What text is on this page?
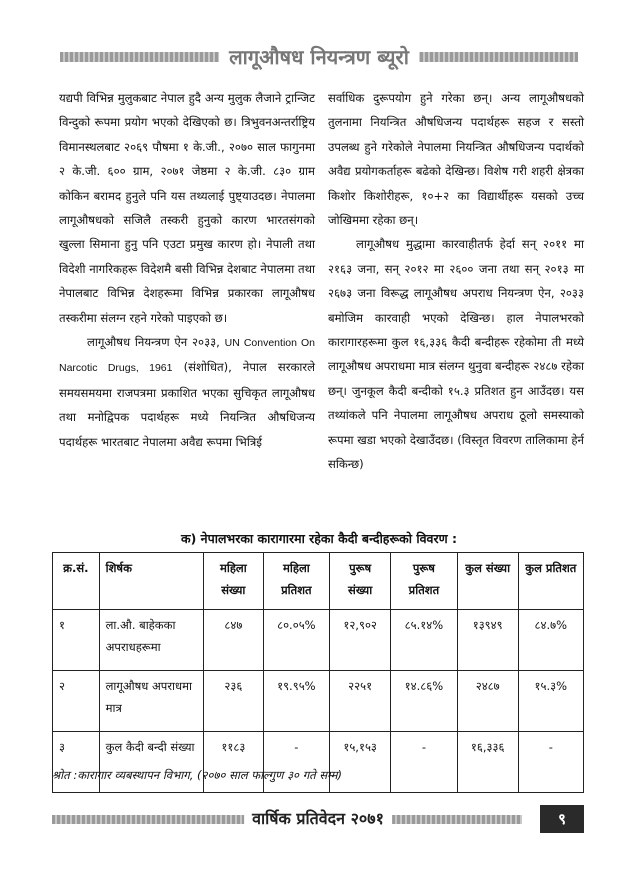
लागूऔषध नियन्त्रण ब्यूरो

यद्यपी विभिन्न मुलुकबाट नेपाल हुदै अन्य मुलुक लैजाने ट्रान्जिट विन्दुको रूपमा प्रयोग भएको देखिएको छ। त्रिभुवनअन्तर्राष्ट्रिय विमानस्थलबाट २०६९ पौषमा १ के.जी., २०७० साल फागुनमा २ के.जी. ६०० ग्राम, २०७१ जेष्ठमा २ के.जी. ८३० ग्राम कोकिन बरामद हुनुले पनि यस तथ्यलाई पुष्ट्याउदछ। नेपालमा लागूऔषधको सजिलै तस्करी हुनुको कारण भारतसंगको खुल्ला सिमाना हुनु पनि एउटा प्रमुख कारण हो। नेपाली तथा विदेशी नागरिकहरू विदेशमै बसी विभिन्न देशबाट नेपालमा तथा नेपालबाट विभिन्न देशहरूमा विभिन्न प्रकारका लागूऔषध तस्करीमा संलग्न रहने गरेको पाइएको छ।

लागूऔषध नियन्त्रण ऐन २०३३, UN Convention On Narcotic Drugs, 1961 (संशोधित), नेपाल सरकारले समयसमयमा राजपत्रमा प्रकाशित भएका सुचिकृत लागूऔषध तथा मनोद्विपक पदार्थहरू मध्ये नियन्त्रित औषधिजन्य पदार्थहरू भारतबाट नेपालमा अवैद्य रूपमा भित्रिई

सर्वाधिक दुरूपयोग हुने गरेका छन्। अन्य लागूऔषधको तुलनामा नियन्त्रित औषधिजन्य पदार्थहरू सहज र सस्तो उपलब्ध हुने गरेकोले नेपालमा नियन्त्रित औषधिजन्य पदार्थको अवैद्य प्रयोगकर्ताहरू बढेको देखिन्छ। विशेष गरी शहरी क्षेत्रका किशोर किशोरीहरू, १०+२ का विद्यार्थीहरू यसको उच्च जोखिममा रहेका छन्।

लागूऔषध मुद्धामा कारवाहीतर्फ हेर्दा सन् २०११ मा २१६३ जना, सन् २०१२ मा २६०० जना तथा सन् २०१३ मा २६७३ जना विरूद्ध लागूऔषध अपराध नियन्त्रण ऐन, २०३३ बमोजिम कारवाही भएको देखिन्छ। हाल नेपालभरको कारागारहरूमा कुल १६,३३६ कैदी बन्दीहरू रहेकोमा ती मध्ये लागूऔषध अपराधमा मात्र संलग्न थुनुवा बन्दीहरू २४८७ रहेका छन्। जुनकूल कैदी बन्दीको १५.३ प्रतिशत हुन आउँदछ। यस तथ्यांकले पनि नेपालमा लागूऔषध अपराध ठूलो समस्याको रूपमा खडा भएको देखाउँदछ। (विस्तृत विवरण तालिकामा हेर्न सकिन्छ)

क) नेपालभरका कारागारमा रहेका कैदी बन्दीहरूको विवरण :
क्र.सं.	शिर्षक	महिला संख्या	महिला प्रतिशत	पुरूष संख्या	पुरूष प्रतिशत	कुल संख्या	कुल प्रतिशत
१	ला.औ. बाहेकका अपराधहरूमा	८४७	८०.०५%	१२,९०२	८५.१४%	१३९४९	८४.७%
२	लागूऔषध अपराधमा मात्र	२३६	१९.९५%	२२५१	१४.८६%	२४८७	१५.३%
३	कुल कैदी बन्दी संख्या	११८३	-	१५,१५३	-	१६,३३६	-
श्रोत :कारागार व्यबस्थापन विभाग, (२०७० साल फाल्गुण ३० गते सम्म)
वार्षिक प्रतिवेदन २०७१	९
